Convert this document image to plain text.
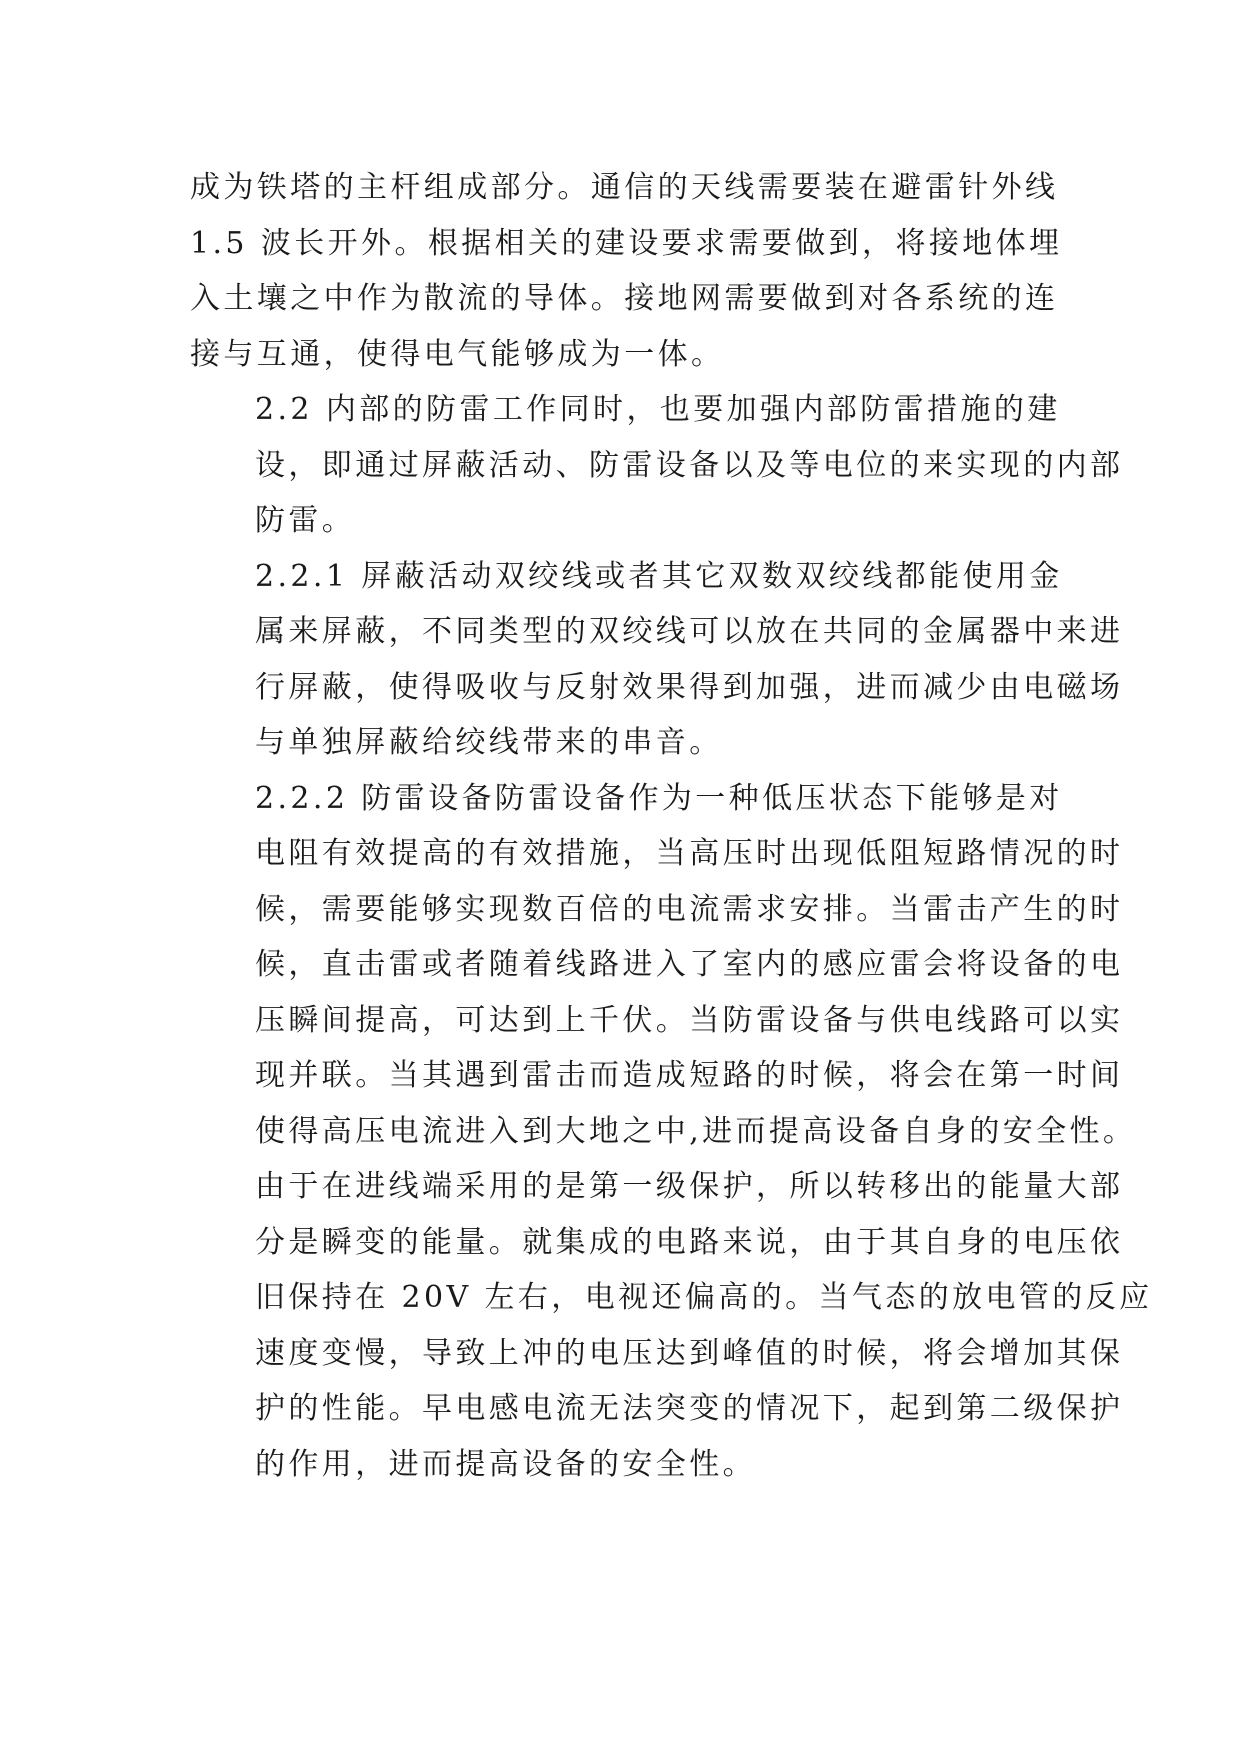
成为铁塔的主杆组成部分。通信的天线需要装在避雷针外线
1.5 波长开外。根据相关的建设要求需要做到，将接地体埋
入土壤之中作为散流的导体。接地网需要做到对各系统的连
接与互通，使得电气能够成为一体。

2.2 内部的防雷工作同时，也要加强内部防雷措施的建
设，即通过屏蔽活动、防雷设备以及等电位的来实现的内部
防雷。

2.2.1 屏蔽活动双绞线或者其它双数双绞线都能使用金
属来屏蔽，不同类型的双绞线可以放在共同的金属器中来进
行屏蔽，使得吸收与反射效果得到加强，进而减少由电磁场
与单独屏蔽给绞线带来的串音。

2.2.2 防雷设备防雷设备作为一种低压状态下能够是对
电阻有效提高的有效措施，当高压时出现低阻短路情况的时
候，需要能够实现数百倍的电流需求安排。当雷击产生的时
候，直击雷或者随着线路进入了室内的感应雷会将设备的电
压瞬间提高，可达到上千伏。当防雷设备与供电线路可以实
现并联。当其遇到雷击而造成短路的时候，将会在第一时间
使得高压电流进入到大地之中,进而提高设备自身的安全性。
由于在进线端采用的是第一级保护，所以转移出的能量大部
分是瞬变的能量。就集成的电路来说，由于其自身的电压依
旧保持在 20V 左右，电视还偏高的。当气态的放电管的反应
速度变慢，导致上冲的电压达到峰值的时候，将会增加其保
护的性能。早电感电流无法突变的情况下，起到第二级保护
的作用，进而提高设备的安全性。
